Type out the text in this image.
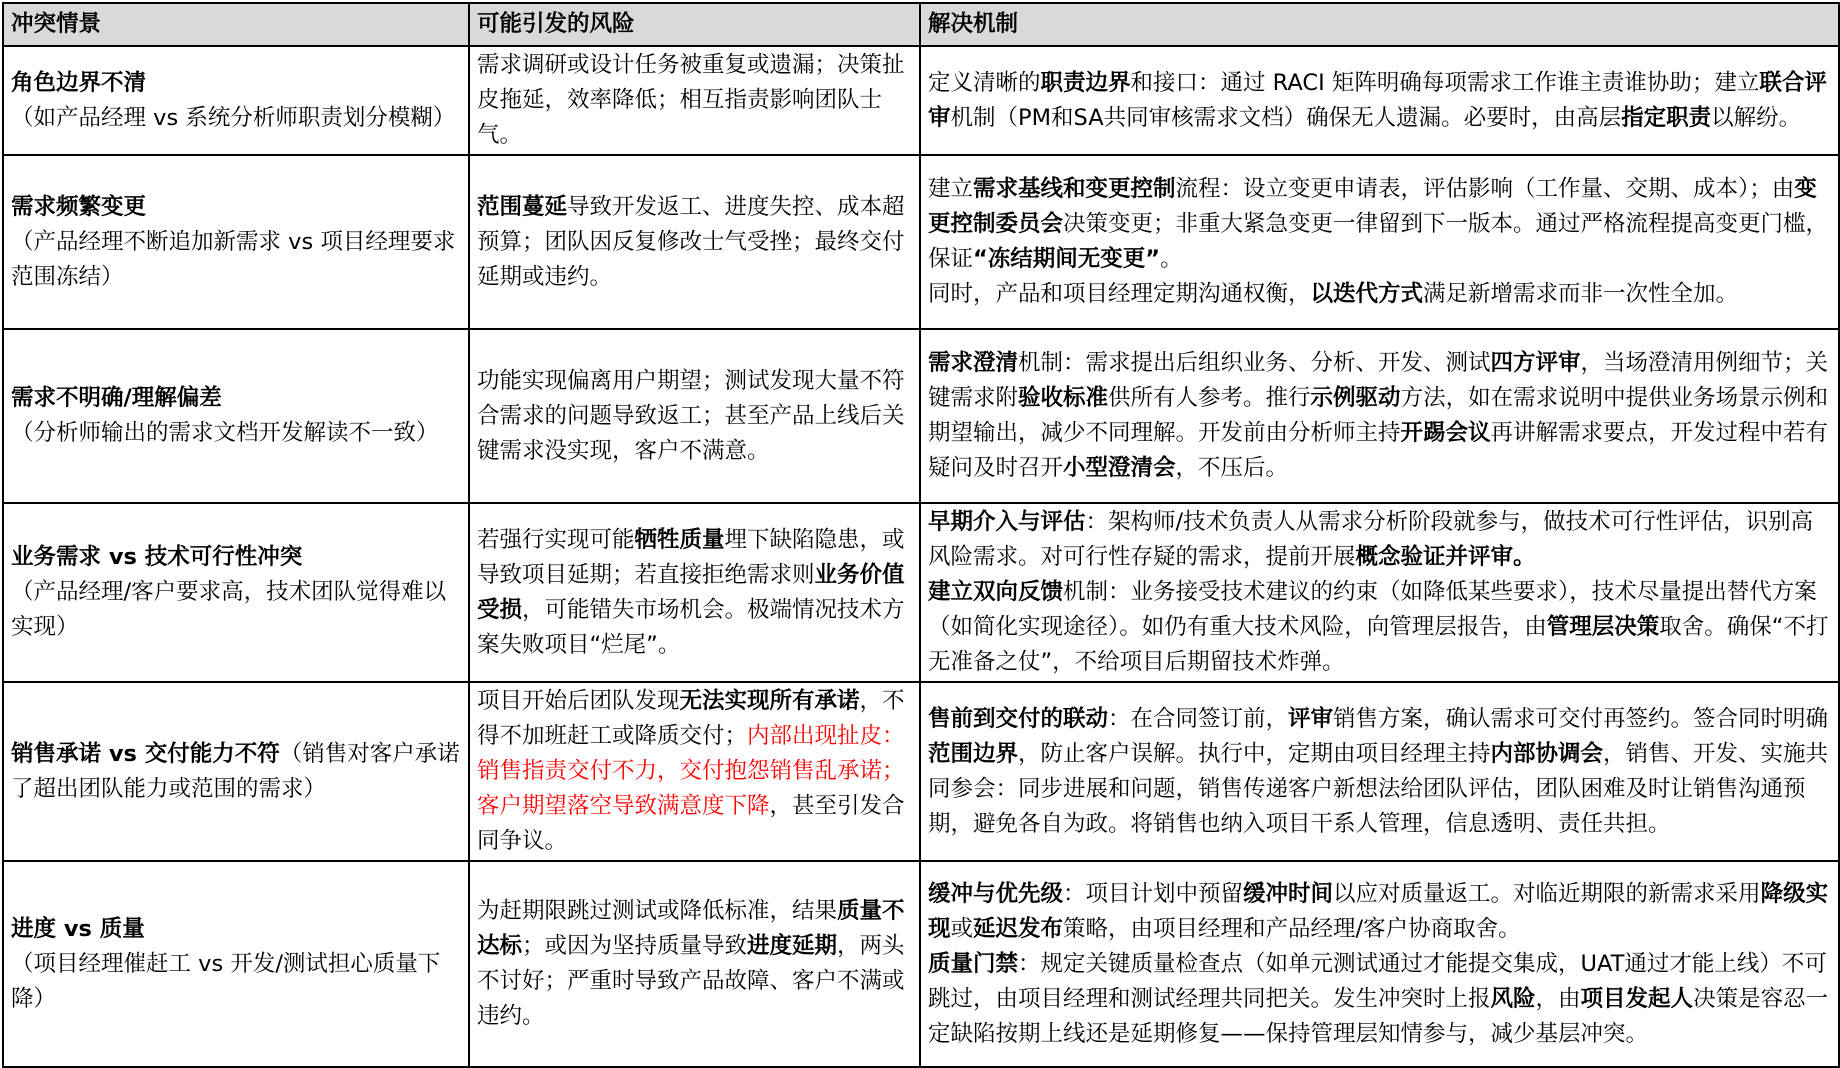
冲突情景	可能引发的风险	解决机制
角色边界不清
（如产品经理 vs 系统分析师职责划分模糊）	需求调研或设计任务被重复或遗漏；决策扯皮拖延，效率降低；相互指责影响团队士气。	定义清晰的职责边界和接口：通过 RACI 矩阵明确每项需求工作谁主责谁协助；建立联合评审机制（PM和SA共同审核需求文档）确保无人遗漏。必要时，由高层指定职责以解纷。
需求频繁变更
（产品经理不断追加新需求 vs 项目经理要求范围冻结）	范围蔓延导致开发返工、进度失控、成本超预算；团队因反复修改士气受挫；最终交付延期或违约。	建立需求基线和变更控制流程：设立变更申请表，评估影响（工作量、交期、成本）；由变更控制委员会决策变更；非重大紧急变更一律留到下一版本。通过严格流程提高变更门槛，保证“冻结期间无变更”。
同时，产品和项目经理定期沟通权衡，以迭代方式满足新增需求而非一次性全加。
需求不明确/理解偏差
（分析师输出的需求文档开发解读不一致）	功能实现偏离用户期望；测试发现大量不符合需求的问题导致返工；甚至产品上线后关键需求没实现，客户不满意。	需求澄清机制：需求提出后组织业务、分析、开发、测试四方评审，当场澄清用例细节；关键需求附验收标准供所有人参考。推行示例驱动方法，如在需求说明中提供业务场景示例和期望输出，减少不同理解。开发前由分析师主持开踢会议再讲解需求要点，开发过程中若有疑问及时召开小型澄清会，不压后。
业务需求 vs 技术可行性冲突
（产品经理/客户要求高，技术团队觉得难以实现）	若强行实现可能牺牲质量埋下缺陷隐患，或导致项目延期；若直接拒绝需求则业务价值受损，可能错失市场机会。极端情况技术方案失败项目“烂尾”。	早期介入与评估：架构师/技术负责人从需求分析阶段就参与，做技术可行性评估，识别高风险需求。对可行性存疑的需求，提前开展概念验证并评审。
建立双向反馈机制：业务接受技术建议的约束（如降低某些要求），技术尽量提出替代方案（如简化实现途径）。如仍有重大技术风险，向管理层报告，由管理层决策取舍。确保“不打无准备之仗”，不给项目后期留技术炸弹。
销售承诺 vs 交付能力不符（销售对客户承诺了超出团队能力或范围的需求）	项目开始后团队发现无法实现所有承诺，不得不加班赶工或降质交付；内部出现扯皮：销售指责交付不力，交付抱怨销售乱承诺；客户期望落空导致满意度下降，甚至引发合同争议。	售前到交付的联动：在合同签订前，评审销售方案，确认需求可交付再签约。签合同时明确范围边界，防止客户误解。执行中，定期由项目经理主持内部协调会，销售、开发、实施共同参会：同步进展和问题，销售传递客户新想法给团队评估，团队困难及时让销售沟通预期，避免各自为政。将销售也纳入项目干系人管理，信息透明、责任共担。
进度 vs 质量
（项目经理催赶工 vs 开发/测试担心质量下降）	为赶期限跳过测试或降低标准，结果质量不达标；或因为坚持质量导致进度延期，两头不讨好；严重时导致产品故障、客户不满或违约。	缓冲与优先级：项目计划中预留缓冲时间以应对质量返工。对临近期限的新需求采用降级实现或延迟发布策略，由项目经理和产品经理/客户协商取舍。
质量门禁：规定关键质量检查点（如单元测试通过才能提交集成，UAT通过才能上线）不可跳过，由项目经理和测试经理共同把关。发生冲突时上报风险，由项目发起人决策是容忍一定缺陷按期上线还是延期修复——保持管理层知情参与，减少基层冲突。
